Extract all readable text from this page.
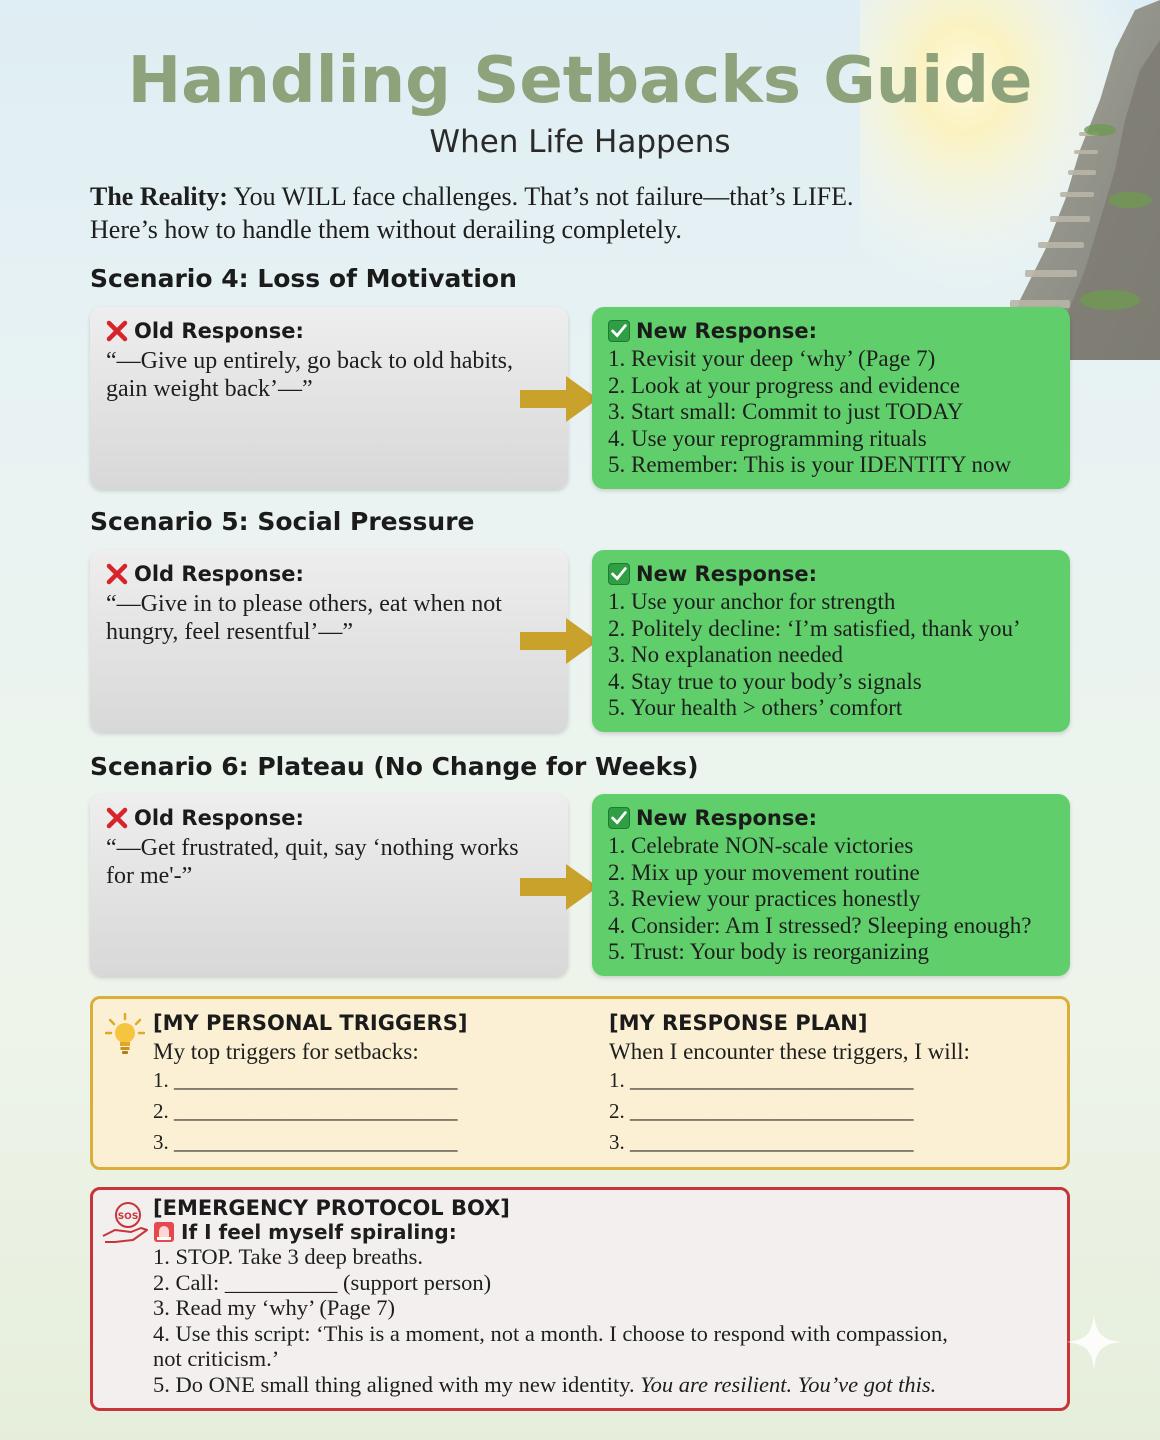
Handling Setbacks Guide
When Life Happens
The Reality: You WILL face challenges. That’s not failure—that’s LIFE.
Here’s how to handle them without derailing completely.
Scenario 4: Loss of Motivation
Old Response:
“—Give up entirely, go back to old habits, gain weight back’—”
New Response:
1. Revisit your deep ‘why’ (Page 7)
2. Look at your progress and evidence
3. Start small: Commit to just TODAY
4. Use your reprogramming rituals
5. Remember: This is your IDENTITY now
Scenario 5: Social Pressure
Old Response:
“—Give in to please others, eat when not hungry, feel resentful’—”
New Response:
1. Use your anchor for strength
2. Politely decline: ‘I’m satisfied, thank you’
3. No explanation needed
4. Stay true to your body’s signals
5. Your health > others’ comfort
Scenario 6: Plateau (No Change for Weeks)
Old Response:
“—Get frustrated, quit, say ‘nothing works for me'-”
New Response:
1. Celebrate NON-scale victories
2. Mix up your movement routine
3. Review your practices honestly
4. Consider: Am I stressed? Sleeping enough?
5. Trust: Your body is reorganizing
[MY PERSONAL TRIGGERS]
My top triggers for setbacks:
1. ___________________________
2. ___________________________
3. ___________________________
[MY RESPONSE PLAN]
When I encounter these triggers, I will:
1. ___________________________
2. ___________________________
3. ___________________________
SOS [EMERGENCY PROTOCOL BOX]
If I feel myself spiraling:
1. STOP. Take 3 deep breaths.
2. Call: __________ (support person)
3. Read my ‘why’ (Page 7)
4. Use this script: ‘This is a moment, not a month. I choose to respond with compassion,
not criticism.’
5. Do ONE small thing aligned with my new identity. You are resilient. You’ve got this.
